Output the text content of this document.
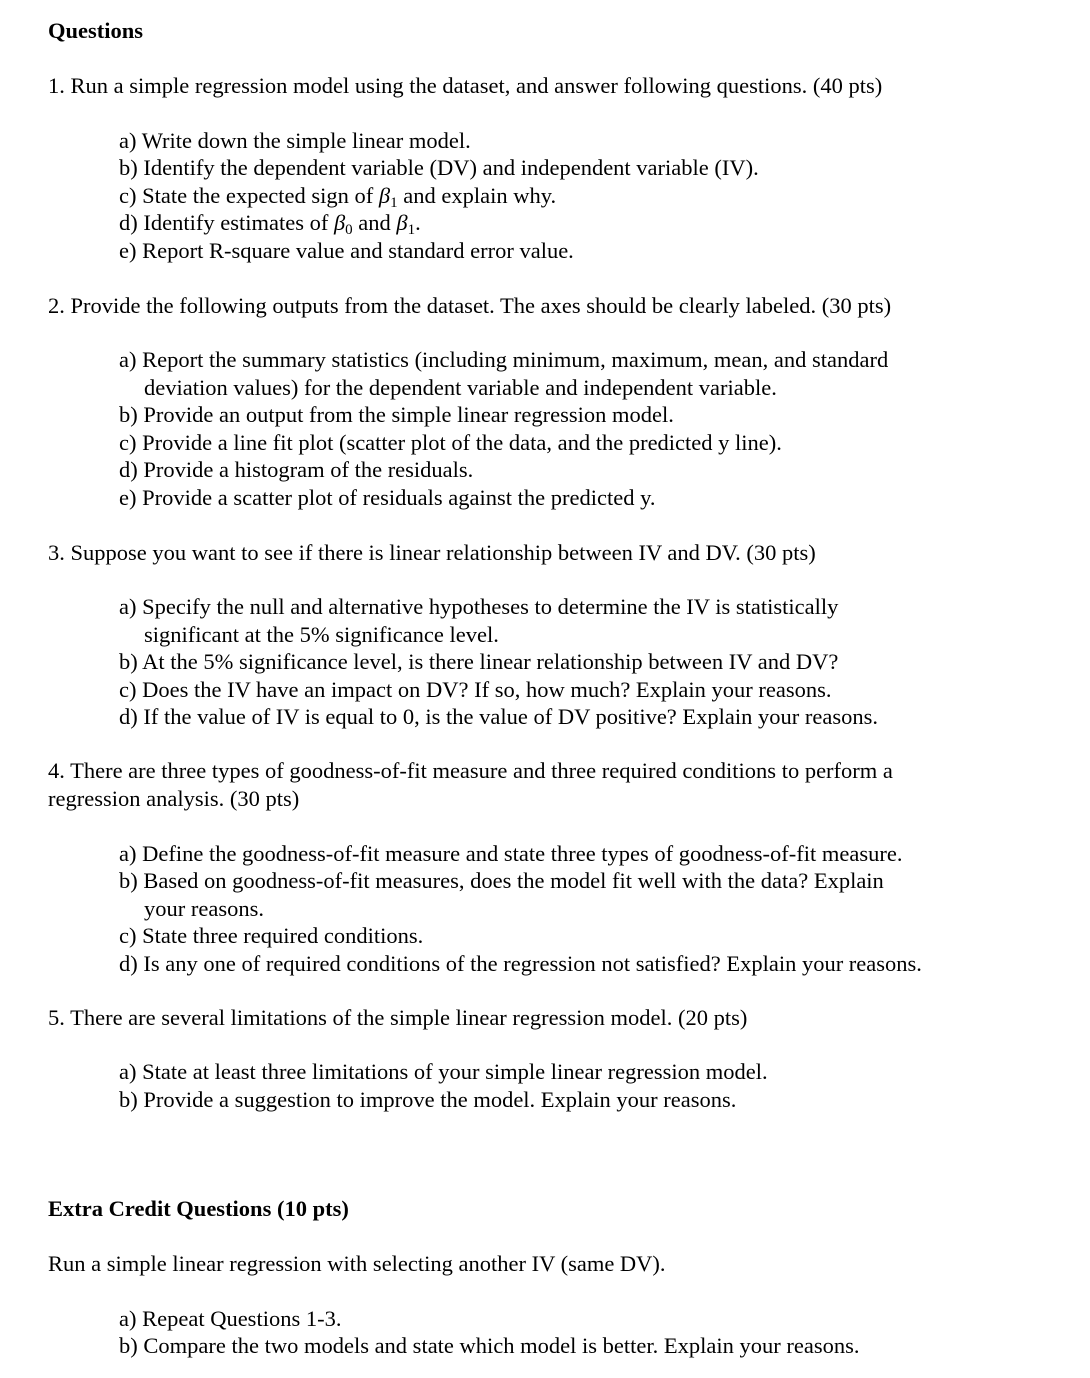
Questions
1. Run a simple regression model using the dataset, and answer following questions. (40 pts)
a) Write down the simple linear model.
b) Identify the dependent variable (DV) and independent variable (IV).
c) State the expected sign of β1 and explain why.
d) Identify estimates of β0 and β1.
e) Report R-square value and standard error value.
2. Provide the following outputs from the dataset. The axes should be clearly labeled. (30 pts)
a) Report the summary statistics (including minimum, maximum, mean, and standard
deviation values) for the dependent variable and independent variable.
b) Provide an output from the simple linear regression model.
c) Provide a line fit plot (scatter plot of the data, and the predicted y line).
d) Provide a histogram of the residuals.
e) Provide a scatter plot of residuals against the predicted y.
3. Suppose you want to see if there is linear relationship between IV and DV. (30 pts)
a) Specify the null and alternative hypotheses to determine the IV is statistically
significant at the 5% significance level.
b) At the 5% significance level, is there linear relationship between IV and DV?
c) Does the IV have an impact on DV? If so, how much? Explain your reasons.
d) If the value of IV is equal to 0, is the value of DV positive? Explain your reasons.
4. There are three types of goodness-of-fit measure and three required conditions to perform a
regression analysis. (30 pts)
a) Define the goodness-of-fit measure and state three types of goodness-of-fit measure.
b) Based on goodness-of-fit measures, does the model fit well with the data? Explain
your reasons.
c) State three required conditions.
d) Is any one of required conditions of the regression not satisfied? Explain your reasons.
5. There are several limitations of the simple linear regression model. (20 pts)
a) State at least three limitations of your simple linear regression model.
b) Provide a suggestion to improve the model. Explain your reasons.
Extra Credit Questions (10 pts)
Run a simple linear regression with selecting another IV (same DV).
a) Repeat Questions 1-3.
b) Compare the two models and state which model is better. Explain your reasons.
